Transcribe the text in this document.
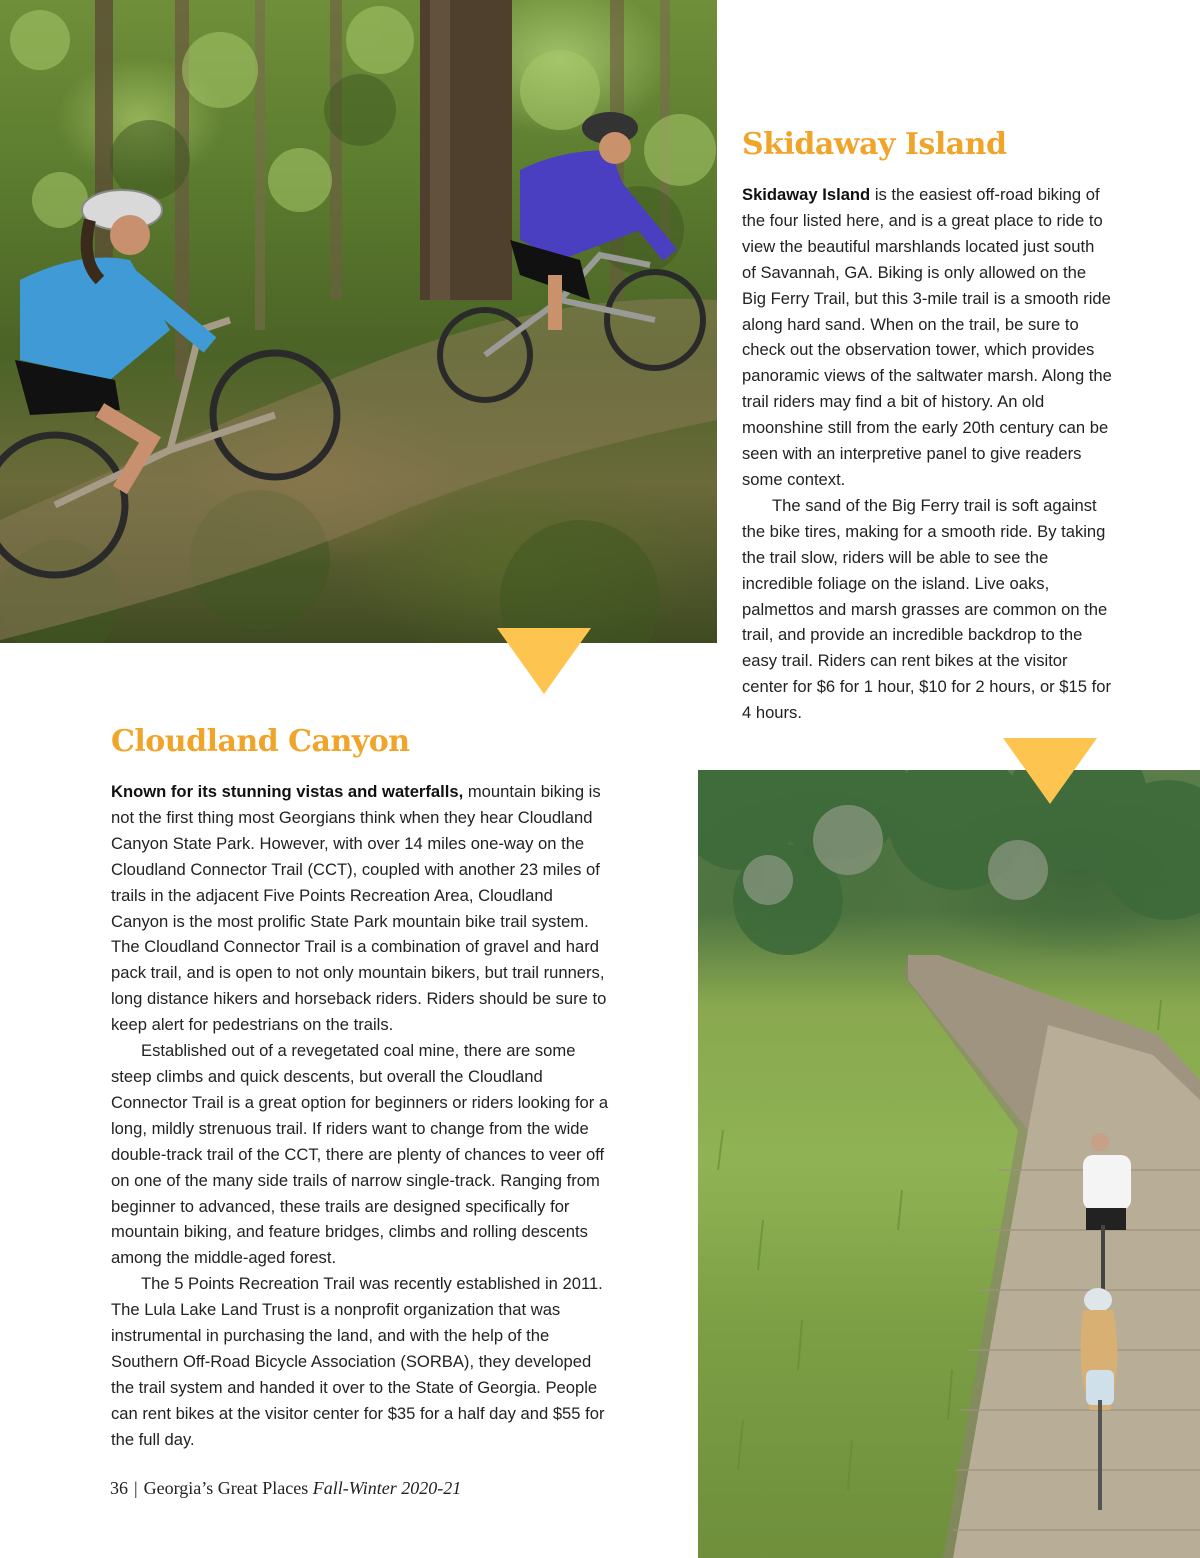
Skidaway Island

Skidaway Island is the easiest off-road biking of the four listed here, and is a great place to ride to view the beautiful marshlands located just south of Savannah, GA. Biking is only allowed on the Big Ferry Trail, but this 3-mile trail is a smooth ride along hard sand. When on the trail, be sure to check out the observation tower, which provides panoramic views of the saltwater marsh. Along the trail riders may find a bit of history. An old moonshine still from the early 20th century can be seen with an interpretive panel to give readers some context.

The sand of the Big Ferry trail is soft against the bike tires, making for a smooth ride. By taking the trail slow, riders will be able to see the incredible foliage on the island. Live oaks, palmettos and marsh grasses are common on the trail, and provide an incredible backdrop to the easy trail. Riders can rent bikes at the visitor center for $6 for 1 hour, $10 for 2 hours, or $15 for 4 hours.

Cloudland Canyon

Known for its stunning vistas and waterfalls, mountain biking is not the first thing most Georgians think when they hear Cloudland Canyon State Park. However, with over 14 miles one-way on the Cloudland Connector Trail (CCT), coupled with another 23 miles of trails in the adjacent Five Points Recreation Area, Cloudland Canyon is the most prolific State Park mountain bike trail system. The Cloudland Connector Trail is a combination of gravel and hard pack trail, and is open to not only mountain bikers, but trail runners, long distance hikers and horseback riders. Riders should be sure to keep alert for pedestrians on the trails.

Established out of a revegetated coal mine, there are some steep climbs and quick descents, but overall the Cloudland Connector Trail is a great option for beginners or riders looking for a long, mildly strenuous trail. If riders want to change from the wide double-track trail of the CCT, there are plenty of chances to veer off on one of the many side trails of narrow single-track. Ranging from beginner to advanced, these trails are designed specifically for mountain biking, and feature bridges, climbs and rolling descents among the middle-aged forest.

The 5 Points Recreation Trail was recently established in 2011. The Lula Lake Land Trust is a nonprofit organization that was instrumental in purchasing the land, and with the help of the Southern Off-Road Bicycle Association (SORBA), they developed the trail system and handed it over to the State of Georgia. People can rent bikes at the visitor center for $35 for a half day and $55 for the full day.

36 | Georgia’s Great Places Fall-Winter 2020-21
